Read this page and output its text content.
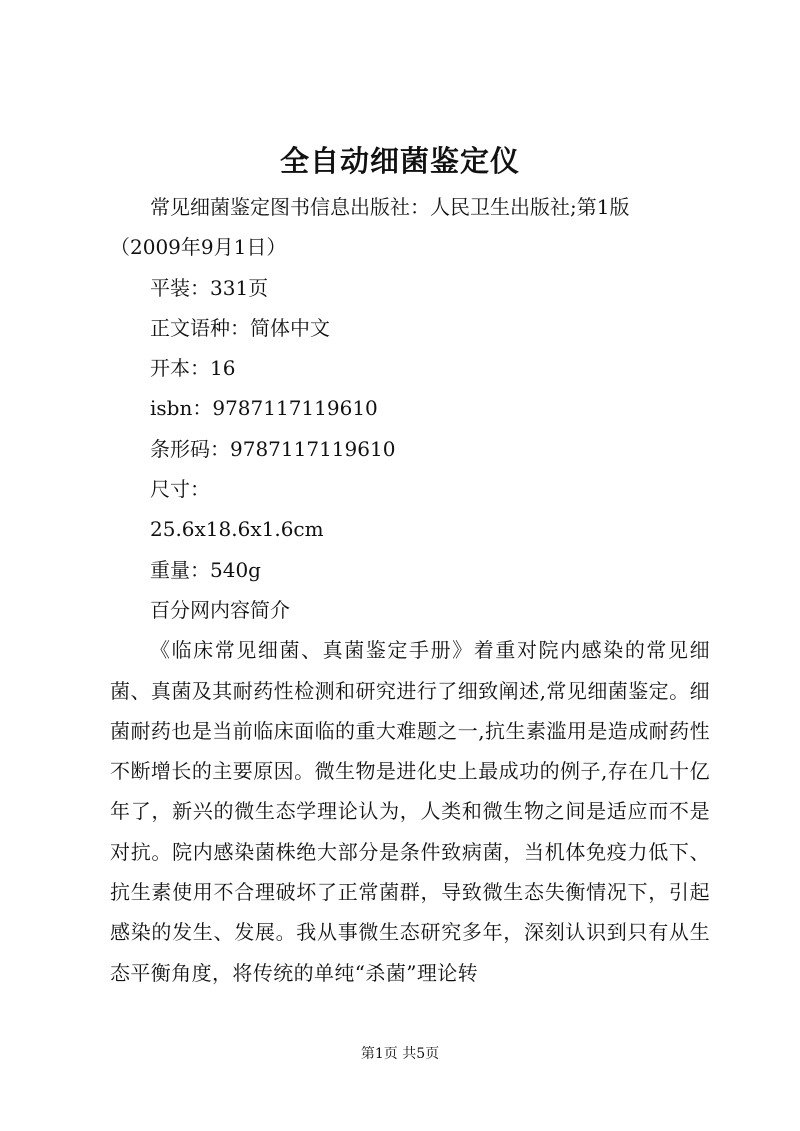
全自动细菌鉴定仪
常见细菌鉴定图书信息出版社：人民卫生出版社;第1版
（2009年9月1日）
平装：331页
正文语种：简体中文
开本：16
isbn：9787117119610
条形码：9787117119610
尺寸：
25.6x18.6x1.6cm
重量：540g
百分网内容简介

《临床常见细菌、真菌鉴定手册》着重对院内感染的常见细菌、真菌及其耐药性检测和研究进行了细致阐述,常见细菌鉴定。细菌耐药也是当前临床面临的重大难题之一,抗生素滥用是造成耐药性不断增长的主要原因。微生物是进化史上最成功的例子,存在几十亿年了，新兴的微生态学理论认为，人类和微生物之间是适应而不是对抗。院内感染菌株绝大部分是条件致病菌，当机体免疫力低下、抗生素使用不合理破坏了正常菌群，导致微生态失衡情况下，引起感染的发生、发展。我从事微生态研究多年，深刻认识到只有从生态平衡角度，将传统的单纯“杀菌”理论转

第1页 共5页
